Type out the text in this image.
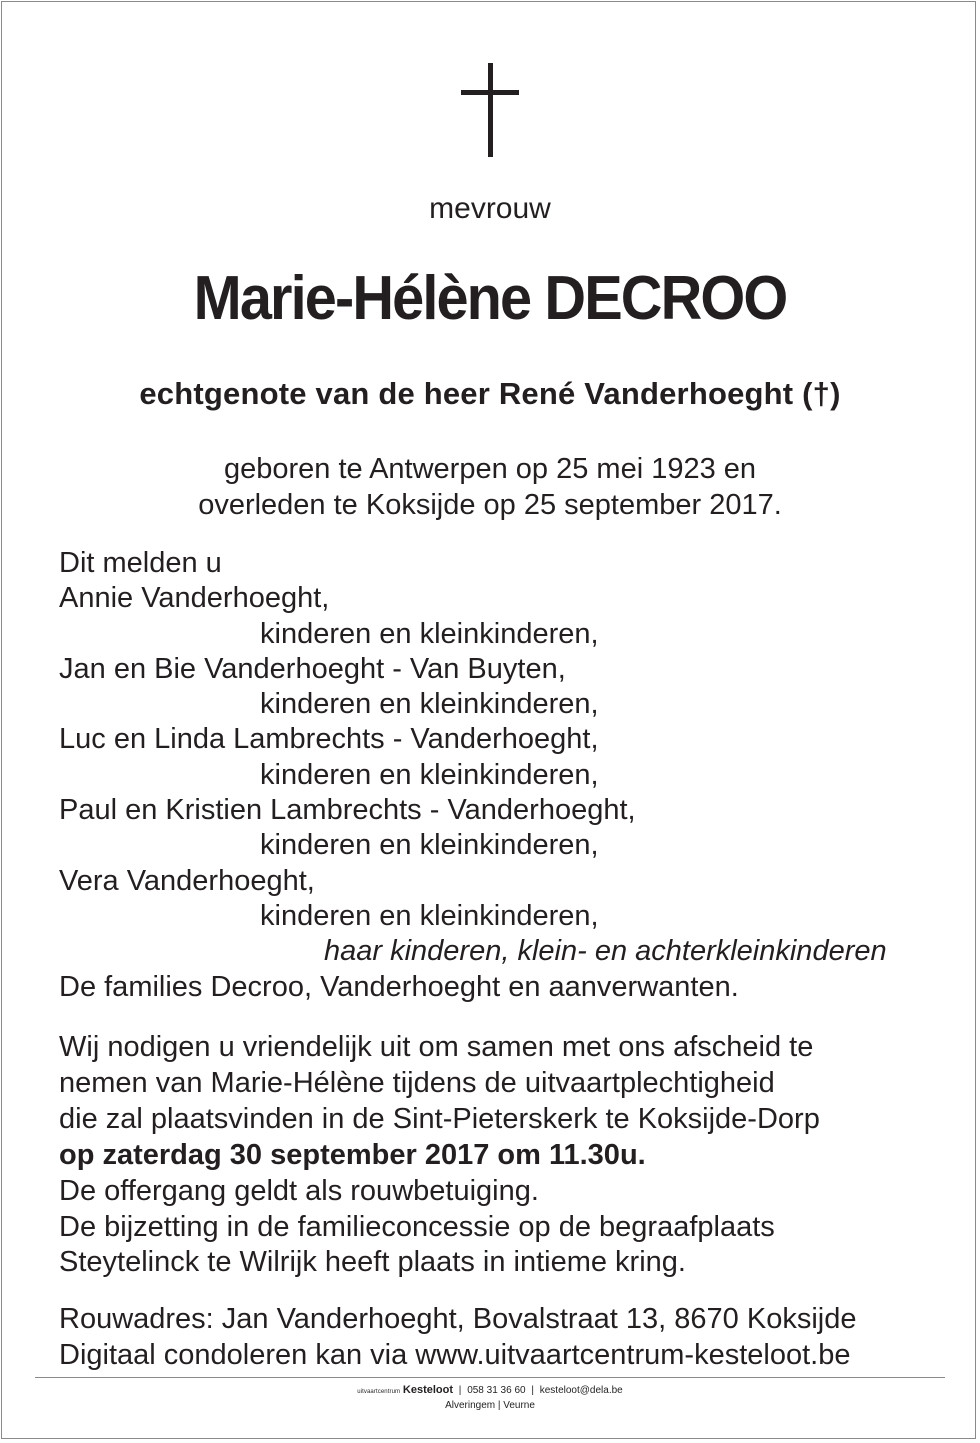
mevrouw
Marie-Hélène DECROO
echtgenote van de heer René Vanderhoeght (†)
geboren te Antwerpen op 25 mei 1923 en
overleden te Koksijde op 25 september 2017.
Dit melden u
Annie Vanderhoeght,
kinderen en kleinkinderen,
Jan en Bie Vanderhoeght - Van Buyten,
kinderen en kleinkinderen,
Luc en Linda Lambrechts - Vanderhoeght,
kinderen en kleinkinderen,
Paul en Kristien Lambrechts - Vanderhoeght,
kinderen en kleinkinderen,
Vera Vanderhoeght,
kinderen en kleinkinderen,
haar kinderen, klein- en achterkleinkinderen
De families Decroo, Vanderhoeght en aanverwanten.
Wij nodigen u vriendelijk uit om samen met ons afscheid te
nemen van Marie-Hélène tijdens de uitvaartplechtigheid
die zal plaatsvinden in de Sint-Pieterskerk te Koksijde-Dorp
op zaterdag 30 september 2017 om 11.30u.
De offergang geldt als rouwbetuiging.
De bijzetting in de familieconcessie op de begraafplaats
Steytelinck te Wilrijk heeft plaats in intieme kring.
Rouwadres: Jan Vanderhoeght, Bovalstraat 13, 8670 Koksijde
Digitaal condoleren kan via www.uitvaartcentrum-kesteloot.be
uitvaartcentrum Kesteloot | 058 31 36 60 | kesteloot@dela.be
Alveringem | Veurne
